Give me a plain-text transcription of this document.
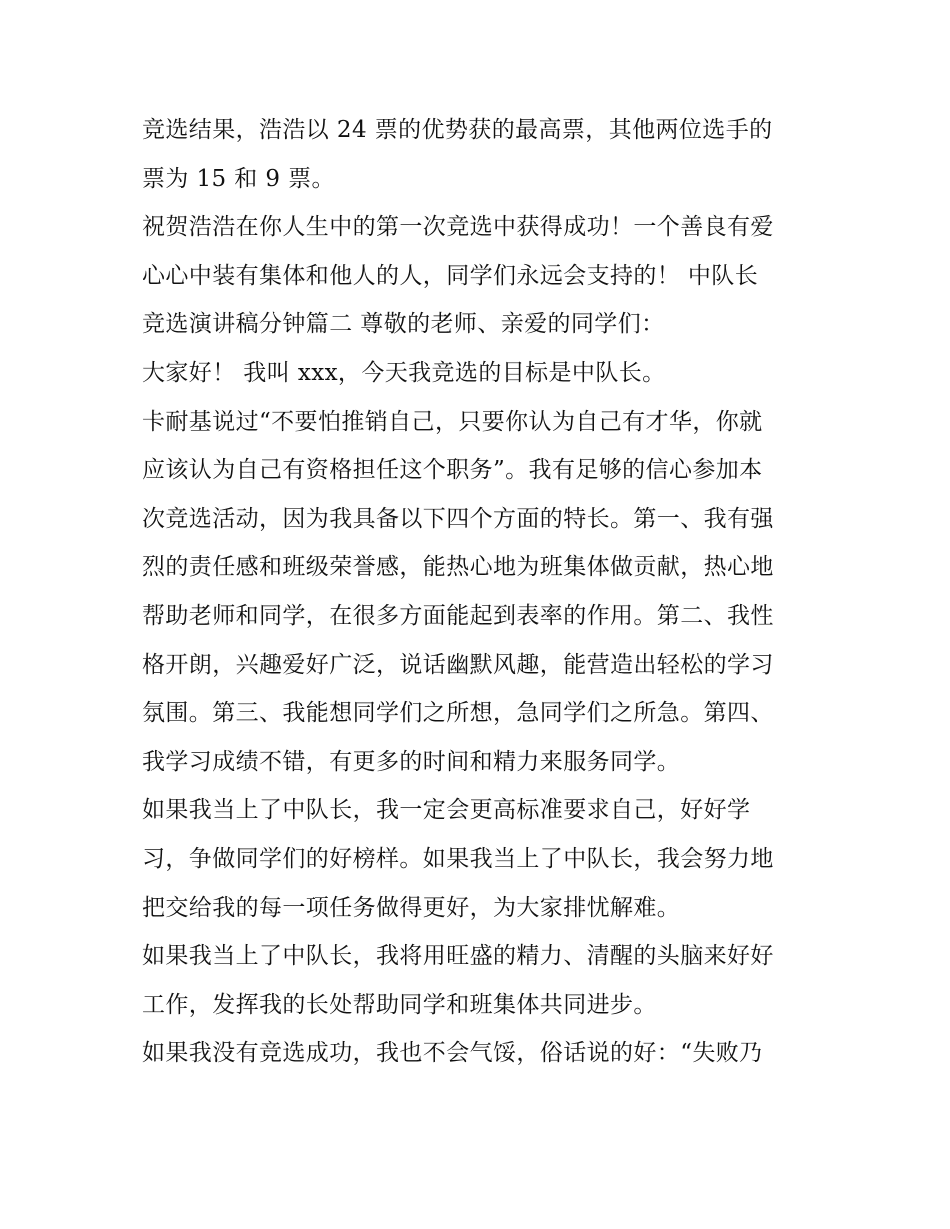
竞选结果，浩浩以 24 票的优势获的最高票，其他两位选手的
票为 15 和 9 票。
祝贺浩浩在你人生中的第一次竞选中获得成功！一个善良有爱
心心中装有集体和他人的人，同学们永远会支持的！ 中队长
竞选演讲稿分钟篇二 尊敬的老师、亲爱的同学们：
大家好！ 我叫 xxx，今天我竞选的目标是中队长。
卡耐基说过“不要怕推销自己，只要你认为自己有才华，你就
应该认为自己有资格担任这个职务”。我有足够的信心参加本
次竞选活动，因为我具备以下四个方面的特长。第一、我有强
烈的责任感和班级荣誉感，能热心地为班集体做贡献，热心地
帮助老师和同学，在很多方面能起到表率的作用。第二、我性
格开朗，兴趣爱好广泛，说话幽默风趣，能营造出轻松的学习
氛围。第三、我能想同学们之所想，急同学们之所急。第四、
我学习成绩不错，有更多的时间和精力来服务同学。
如果我当上了中队长，我一定会更高标准要求自己，好好学
习，争做同学们的好榜样。如果我当上了中队长，我会努力地
把交给我的每一项任务做得更好，为大家排忧解难。
如果我当上了中队长，我将用旺盛的精力、清醒的头脑来好好
工作，发挥我的长处帮助同学和班集体共同进步。
如果我没有竞选成功，我也不会气馁，俗话说的好：“失败乃
